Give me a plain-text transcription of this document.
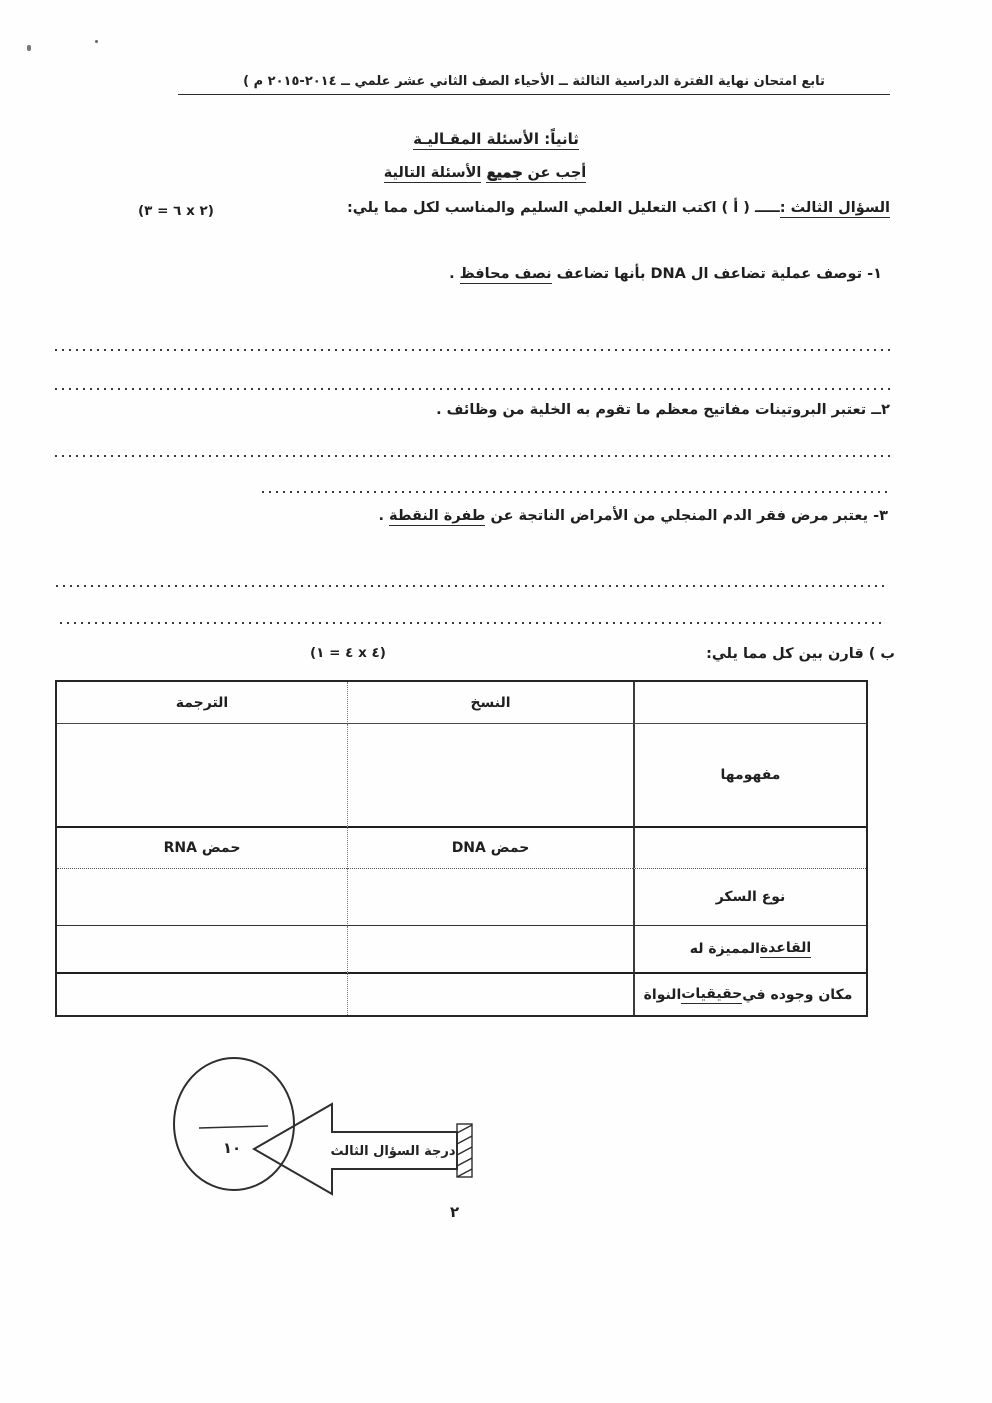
تابع امتحان نهاية الفترة الدراسية الثالثة ــ الأحياء الصف الثاني عشر علمي ــ ٢٠١٤-٢٠١٥ م )
ثانياً: الأسئلة المقـاليـة
أجب عن جميع الأسئلة التالية
السؤال الثالث :ـــــ ( أ ) اكتب التعليل العلمي السليم والمناسب لكل مما يلي:
(٦ = ٣ x ٢)
١- توصف عملية تضاعف ال DNA بأنها تضاعف نصف محافظ .
٢ــ تعتبر البروتينات مفاتيح معظم ما تقوم به الخلية من وظائف .
٣- يعتبر مرض فقر الدم المنجلي من الأمراض الناتجة عن طفرة النقطة .
ب ) قارن بين كل مما يلي:
(٤ = ١ x ٤)
النسخ
الترجمة
مفهومها
حمض DNA
حمض RNA
نوع السكر
القاعدة
المميزة له
مكان وجوده في
حقيقيات
النواة
١٠	درجة السؤال الثالث
٢
